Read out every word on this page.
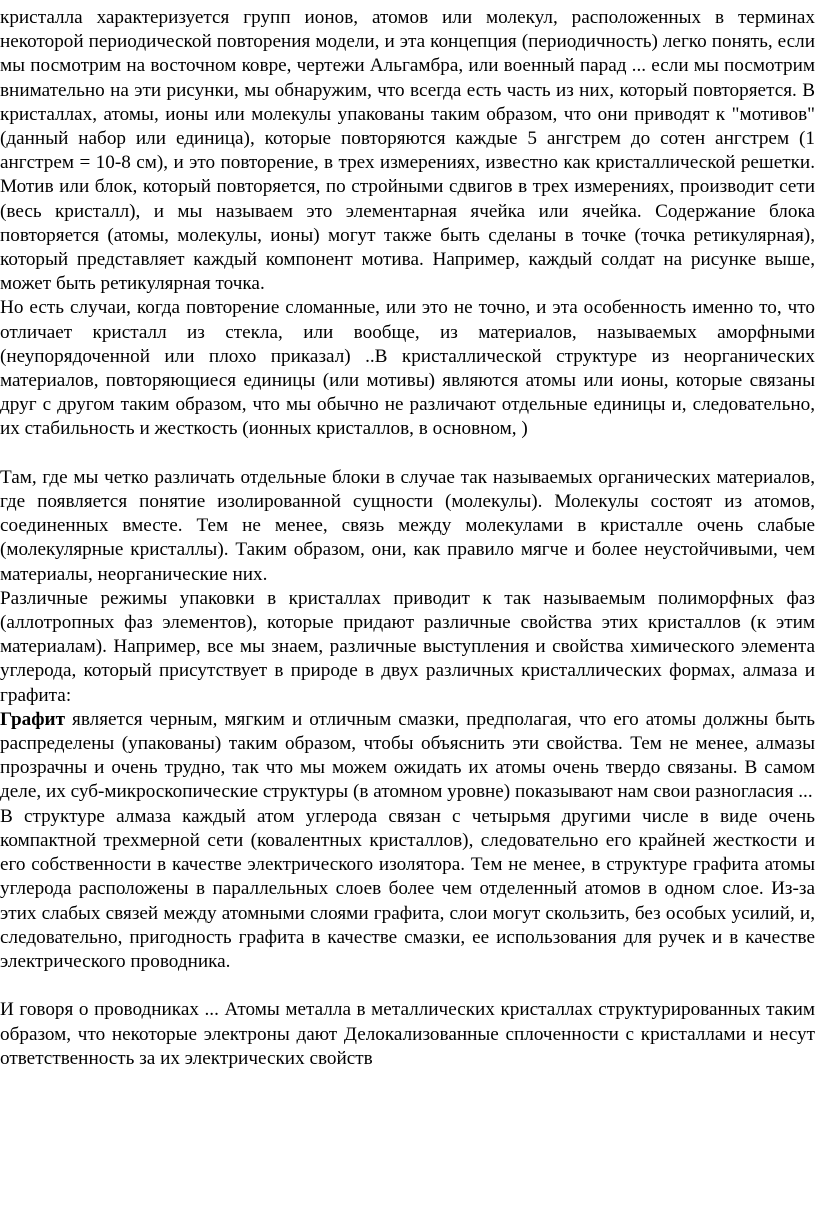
кристалла характеризуется групп ионов, атомов или молекул, расположенных в терминах некоторой периодической повторения модели, и эта концепция (периодичность) легко понять, если мы посмотрим на восточном ковре, чертежи Альгамбра, или военный парад ... если мы посмотрим внимательно на эти рисунки, мы обнаружим, что всегда есть часть из них, который повторяется. В кристаллах, атомы, ионы или молекулы упакованы таким образом, что они приводят к "мотивов" (данный набор или единица), которые повторяются каждые 5 ангстрем до сотен ангстрем (1 ангстрем = 10-8 см), и это повторение, в трех измерениях, известно как кристаллической решетки. Мотив или блок, который повторяется, по стройными сдвигов в трех измерениях, производит сети (весь кристалл), и мы называем это элементарная ячейка или ячейка. Содержание блока повторяется (атомы, молекулы, ионы) могут также быть сделаны в точке (точка ретикулярная), который представляет каждый компонент мотива. Например, каждый солдат на рисунке выше, может быть ретикулярная точка.

Но есть случаи, когда повторение сломанные, или это не точно, и эта особенность именно то, что отличает кристалл из стекла, или вообще, из материалов, называемых аморфными (неупорядоченной или плохо приказал) ..В кристаллической структуре из неорганических материалов, повторяющиеся единицы (или мотивы) являются атомы или ионы, которые связаны друг с другом таким образом, что мы обычно не различают отдельные единицы и, следовательно, их стабильность и жесткость (ионных кристаллов, в основном, )

Там, где мы четко различать отдельные блоки в случае так называемых органических материалов, где появляется понятие изолированной сущности (молекулы). Молекулы состоят из атомов, соединенных вместе. Тем не менее, связь между молекулами в кристалле очень слабые (молекулярные кристаллы). Таким образом, они, как правило мягче и более неустойчивыми, чем материалы, неорганические них.

Различные режимы упаковки в кристаллах приводит к так называемым полиморфных фаз (аллотропных фаз элементов), которые придают различные свойства этих кристаллов (к этим материалам). Например, все мы знаем, различные выступления и свойства химического элемента углерода, который присутствует в природе в двух различных кристаллических формах, алмаза и графита:

Графит является черным, мягким и отличным смазки, предполагая, что его атомы должны быть распределены (упакованы) таким образом, чтобы объяснить эти свойства. Тем не менее, алмазы прозрачны и очень трудно, так что мы можем ожидать их атомы очень твердо связаны. В самом деле, их суб-микроскопические структуры (в атомном уровне) показывают нам свои разногласия ...

В структуре алмаза каждый атом углерода связан с четырьмя другими числе в виде очень компактной трехмерной сети (ковалентных кристаллов), следовательно его крайней жесткости и его собственности в качестве электрического изолятора. Тем не менее, в структуре графита атомы углерода расположены в параллельных слоев более чем отделенный атомов в одном слое. Из-за этих слабых связей между атомными слоями графита, слои могут скользить, без особых усилий, и, следовательно, пригодность графита в качестве смазки, ее использования для ручек и в качестве электрического проводника.

И говоря о проводниках ... Атомы металла в металлических кристаллах структурированных таким образом, что некоторые электроны дают Делокализованные сплоченности с кристаллами и несут ответственность за их электрических свойств
